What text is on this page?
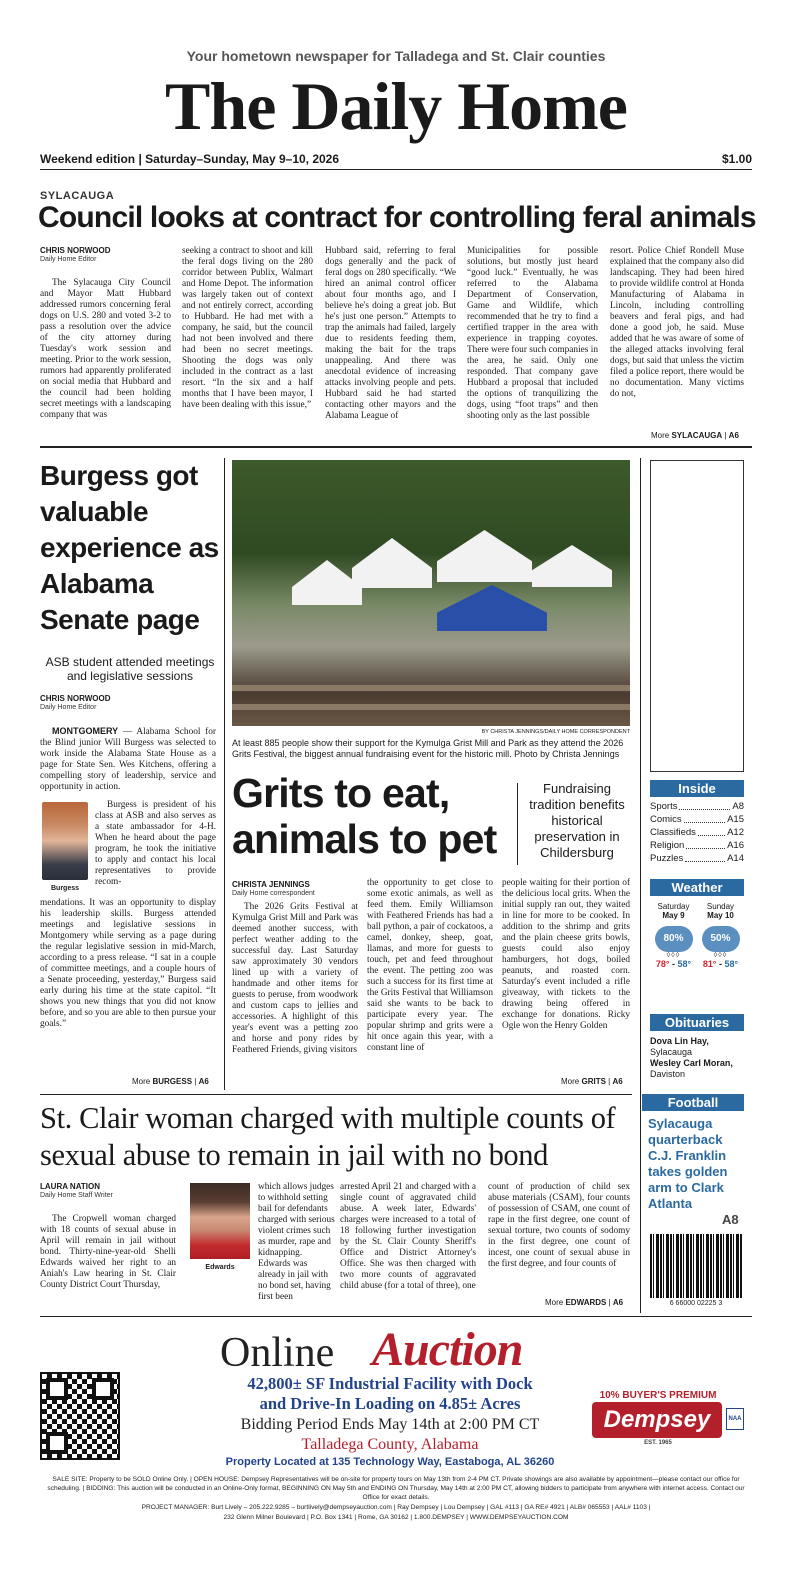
Your hometown newspaper for Talladega and St. Clair counties
The Daily Home
Weekend edition | Saturday–Sunday, May 9–10, 2026	$1.00
SYLACAUGA
Council looks at contract for controlling feral animals
CHRIS NORWOOD
Daily Home Editor
The Sylacauga City Council and Mayor Matt Hubbard addressed rumors concerning feral dogs on U.S. 280 and voted 3-2 to pass a resolution over the advice of the city attorney during Tuesday's work session and meeting. Prior to the work session, rumors had apparently proliferated on social media that Hubbard and the council had been holding secret meetings with a landscaping company that was
seeking a contract to shoot and kill the feral dogs living on the 280 corridor between Publix, Walmart and Home Depot. The information was largely taken out of context and not entirely correct, according to Hubbard. He had met with a company, he said, but the council had not been involved and there had been no secret meetings. Shooting the dogs was only included in the contract as a last resort. “In the six and a half months that I have been mayor, I have been dealing with this issue,”
Hubbard said, referring to feral dogs generally and the pack of feral dogs on 280 specifically. “We hired an animal control officer about four months ago, and I believe he's doing a great job. But he's just one person.” Attempts to trap the animals had failed, largely due to residents feeding them, making the bait for the traps unappealing. And there was anecdotal evidence of increasing attacks involving people and pets. Hubbard said he had started contacting other mayors and the Alabama League of
Municipalities for possible solutions, but mostly just heard “good luck.” Eventually, he was referred to the Alabama Department of Conservation, Game and Wildlife, which recommended that he try to find a certified trapper in the area with experience in trapping coyotes. There were four such companies in the area, he said. Only one responded. That company gave Hubbard a proposal that included the options of tranquilizing the dogs, using “foot traps” and then shooting only as the last possible
resort. Police Chief Rondell Muse explained that the company also did landscaping. They had been hired to provide wildlife control at Honda Manufacturing of Alabama in Lincoln, including controlling beavers and feral pigs, and had done a good job, he said. Muse added that he was aware of some of the alleged attacks involving feral dogs, but said that unless the victim filed a police report, there would be no documentation. Many victims do not,
More SYLACAUGA | A6
Burgess got valuable experience as Alabama Senate page
ASB student attended meetings and legislative sessions
CHRIS NORWOOD
Daily Home Editor
MONTGOMERY — Alabama School for the Blind junior Will Burgess was selected to work inside the Alabama State House as a page for State Sen. Wes Kitchens, offering a compelling story of leadership, service and opportunity in action.
Burgess
Burgess is president of his class at ASB and also serves as a state ambassador for 4-H. When he heard about the page program, he took the initiative to apply and contact his local representatives to provide recom-
mendations. It was an opportunity to display his leadership skills. Burgess attended meetings and legislative sessions in Montgomery while serving as a page during the regular legislative session in mid-March, according to a press release. “I sat in a couple of committee meetings, and a couple hours of a Senate proceeding, yesterday,” Burgess said early during his time at the state capitol. “It shows you new things that you did not know before, and so you are able to then pursue your goals.”
More BURGESS | A6
BY CHRISTA JENNINGS/DAILY HOME CORRESPONDENT
At least 885 people show their support for the Kymulga Grist Mill and Park as they attend the 2026 Grits Festival, the biggest annual fundraising event for the historic mill. Photo by Christa Jennings
Grits to eat, animals to pet
Fundraising tradition benefits historical preservation in Childersburg
CHRISTA JENNINGS
Daily Home correspondent
The 2026 Grits Festival at Kymulga Grist Mill and Park was deemed another success, with perfect weather adding to the successful day. Last Saturday saw approximately 30 vendors lined up with a variety of handmade and other items for guests to peruse, from woodwork and custom caps to jellies and accessories. A highlight of this year's event was a petting zoo and horse and pony rides by Feathered Friends, giving visitors
the opportunity to get close to some exotic animals, as well as feed them. Emily Williamson with Feathered Friends has had a ball python, a pair of cockatoos, a camel, donkey, sheep, goat, llamas, and more for guests to touch, pet and feed throughout the event. The petting zoo was such a success for its first time at the Grits Festival that Williamson said she wants to be back to participate every year. The popular shrimp and grits were a hit once again this year, with a constant line of
people waiting for their portion of the delicious local grits. When the initial supply ran out, they waited in line for more to be cooked. In addition to the shrimp and grits and the plain cheese grits bowls, guests could also enjoy hamburgers, hot dogs, boiled peanuts, and roasted corn. Saturday's event included a rifle giveaway, with tickets to the drawing being offered in exchange for donations. Ricky Ogle won the Henry Golden
More GRITS | A6
St. Clair woman charged with multiple counts of sexual abuse to remain in jail with no bond
LAURA NATION
Daily Home Staff Writer
The Cropwell woman charged with 18 counts of sexual abuse in April will remain in jail without bond. Thirty-nine-year-old Shelli Edwards waived her right to an Aniah's Law hearing in St. Clair County District Court Thursday,
Edwards
which allows judges to withhold setting bail for defendants charged with serious violent crimes such as murder, rape and kidnapping. Edwards was already in jail with no bond set, having first been
arrested April 21 and charged with a single count of aggravated child abuse. A week later, Edwards' charges were increased to a total of 18 following further investigation by the St. Clair County Sheriff's Office and District Attorney's Office. She was then charged with two more counts of aggravated child abuse (for a total of three), one
count of production of child sex abuse materials (CSAM), four counts of possession of CSAM, one count of rape in the first degree, one count of sexual torture, two counts of sodomy in the first degree, one count of incest, one count of sexual abuse in the first degree, and four counts of
More EDWARDS | A6
Inside
Sports	A8
Comics	A15
Classifieds	A12
Religion	A16
Puzzles	A14
Weather
Saturday
May 9
80%
◊◊◊
78° - 58°
Sunday
May 10
50%
◊◊◊
81° - 58°
Obituaries
Dova Lin Hay,
Sylacauga
Wesley Carl Moran,
Daviston
Football
Sylacauga quarterback C.J. Franklin takes golden arm to Clark Atlanta
A8
6 66000 02225 3
Online Auction
42,800± SF Industrial Facility with Dock
and Drive-In Loading on 4.85± Acres
Bidding Period Ends May 14th at 2:00 PM CT
Talladega County, Alabama
Property Located at 135 Technology Way, Eastaboga, AL 36260
10% BUYER'S PREMIUM
Dempsey
EST. 1965
NAA
SALE SITE: Property to be SOLD Online Only. | OPEN HOUSE: Dempsey Representatives will be on-site for property tours on May 13th from 2-4 PM CT. Private showings are also available by appointment—please contact our office for scheduling. | BIDDING: This auction will be conducted in an Online-Only format, BEGINNING ON May 5th and ENDING ON Thursday, May 14th at 2:00 PM CT, allowing bidders to participate from anywhere with internet access. Contact our Office for exact details.
PROJECT MANAGER: Burt Lively – 205.222.9285 – burtlively@dempseyauction.com | Ray Dempsey | Lou Dempsey | GAL #113 | GA RE# 4921 | ALB# 065553 | AAL# 1103 |
232 Glenn Milner Boulevard | P.O. Box 1341 | Rome, GA 30162 | 1.800.DEMPSEY | WWW.DEMPSEYAUCTION.COM
